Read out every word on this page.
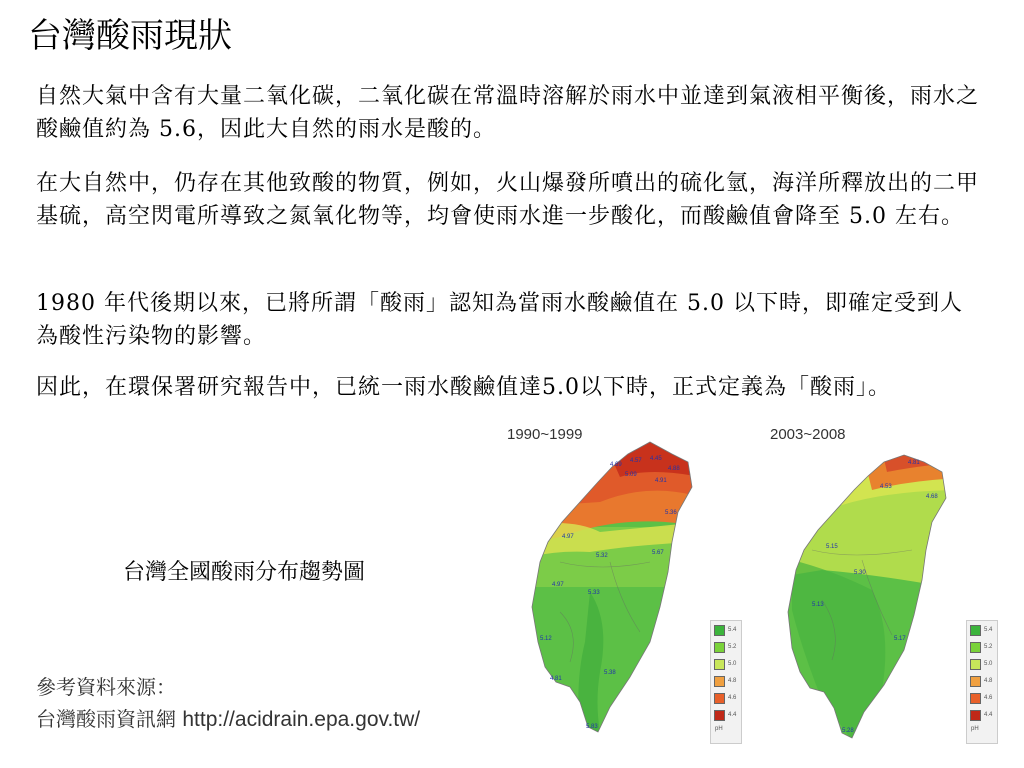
台灣酸雨現狀

自然大氣中含有大量二氧化碳，二氧化碳在常溫時溶解於雨水中並達到氣液相平衡後，雨水之酸鹼值約為 5.6，因此大自然的雨水是酸的。

在大自然中，仍存在其他致酸的物質，例如，火山爆發所噴出的硫化氫，海洋所釋放出的二甲基硫，高空閃電所導致之氮氧化物等，均會使雨水進一步酸化，而酸鹼值會降至 5.0 左右。

1980 年代後期以來，已將所謂「酸雨」認知為當雨水酸鹼值在 5.0 以下時，即確定受到人為酸性污染物的影響。

因此，在環保署研究報告中，已統一雨水酸鹼值達5.0以下時，正式定義為「酸雨」。

1990~1999	2003~2008
台灣全國酸雨分布趨勢圖
參考資料來源：
台灣酸雨資訊網 http://acidrain.epa.gov.tw/
4.69
4.57 4.45
4.88
5.09
4.91
5.36
5.32
4.97
5.67
4.97
5.33
5.12
5.38
4.81
5.83
4.81
4.53
4.68
5.15
5.30
5.13
5.17
5.28
5.4
5.2
5.0
4.8
4.6
4.4
pH
5.4
5.2
5.0
4.8
4.6
4.4
pH
